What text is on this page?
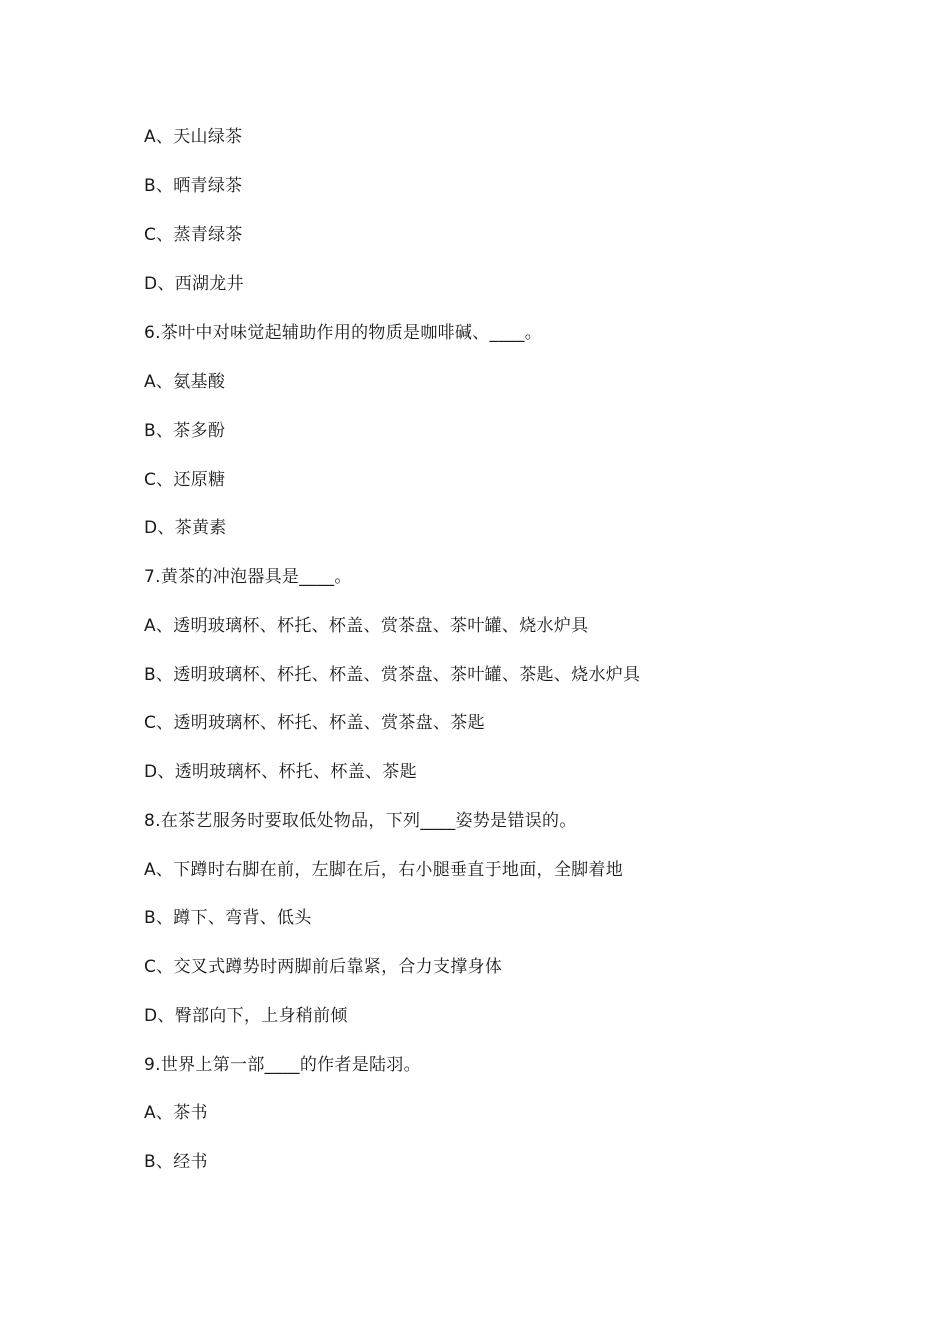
A、天山绿茶
B、晒青绿茶
C、蒸青绿茶
D、西湖龙井
6.茶叶中对味觉起辅助作用的物质是咖啡碱、____。
A、氨基酸
B、茶多酚
C、还原糖
D、茶黄素
7.黄茶的冲泡器具是____。
A、透明玻璃杯、杯托、杯盖、赏茶盘、茶叶罐、烧水炉具
B、透明玻璃杯、杯托、杯盖、赏茶盘、茶叶罐、茶匙、烧水炉具
C、透明玻璃杯、杯托、杯盖、赏茶盘、茶匙
D、透明玻璃杯、杯托、杯盖、茶匙
8.在茶艺服务时要取低处物品，下列____姿势是错误的。
A、下蹲时右脚在前，左脚在后，右小腿垂直于地面，全脚着地
B、蹲下、弯背、低头
C、交叉式蹲势时两脚前后靠紧，合力支撑身体
D、臀部向下，上身稍前倾
9.世界上第一部____的作者是陆羽。
A、茶书
B、经书
